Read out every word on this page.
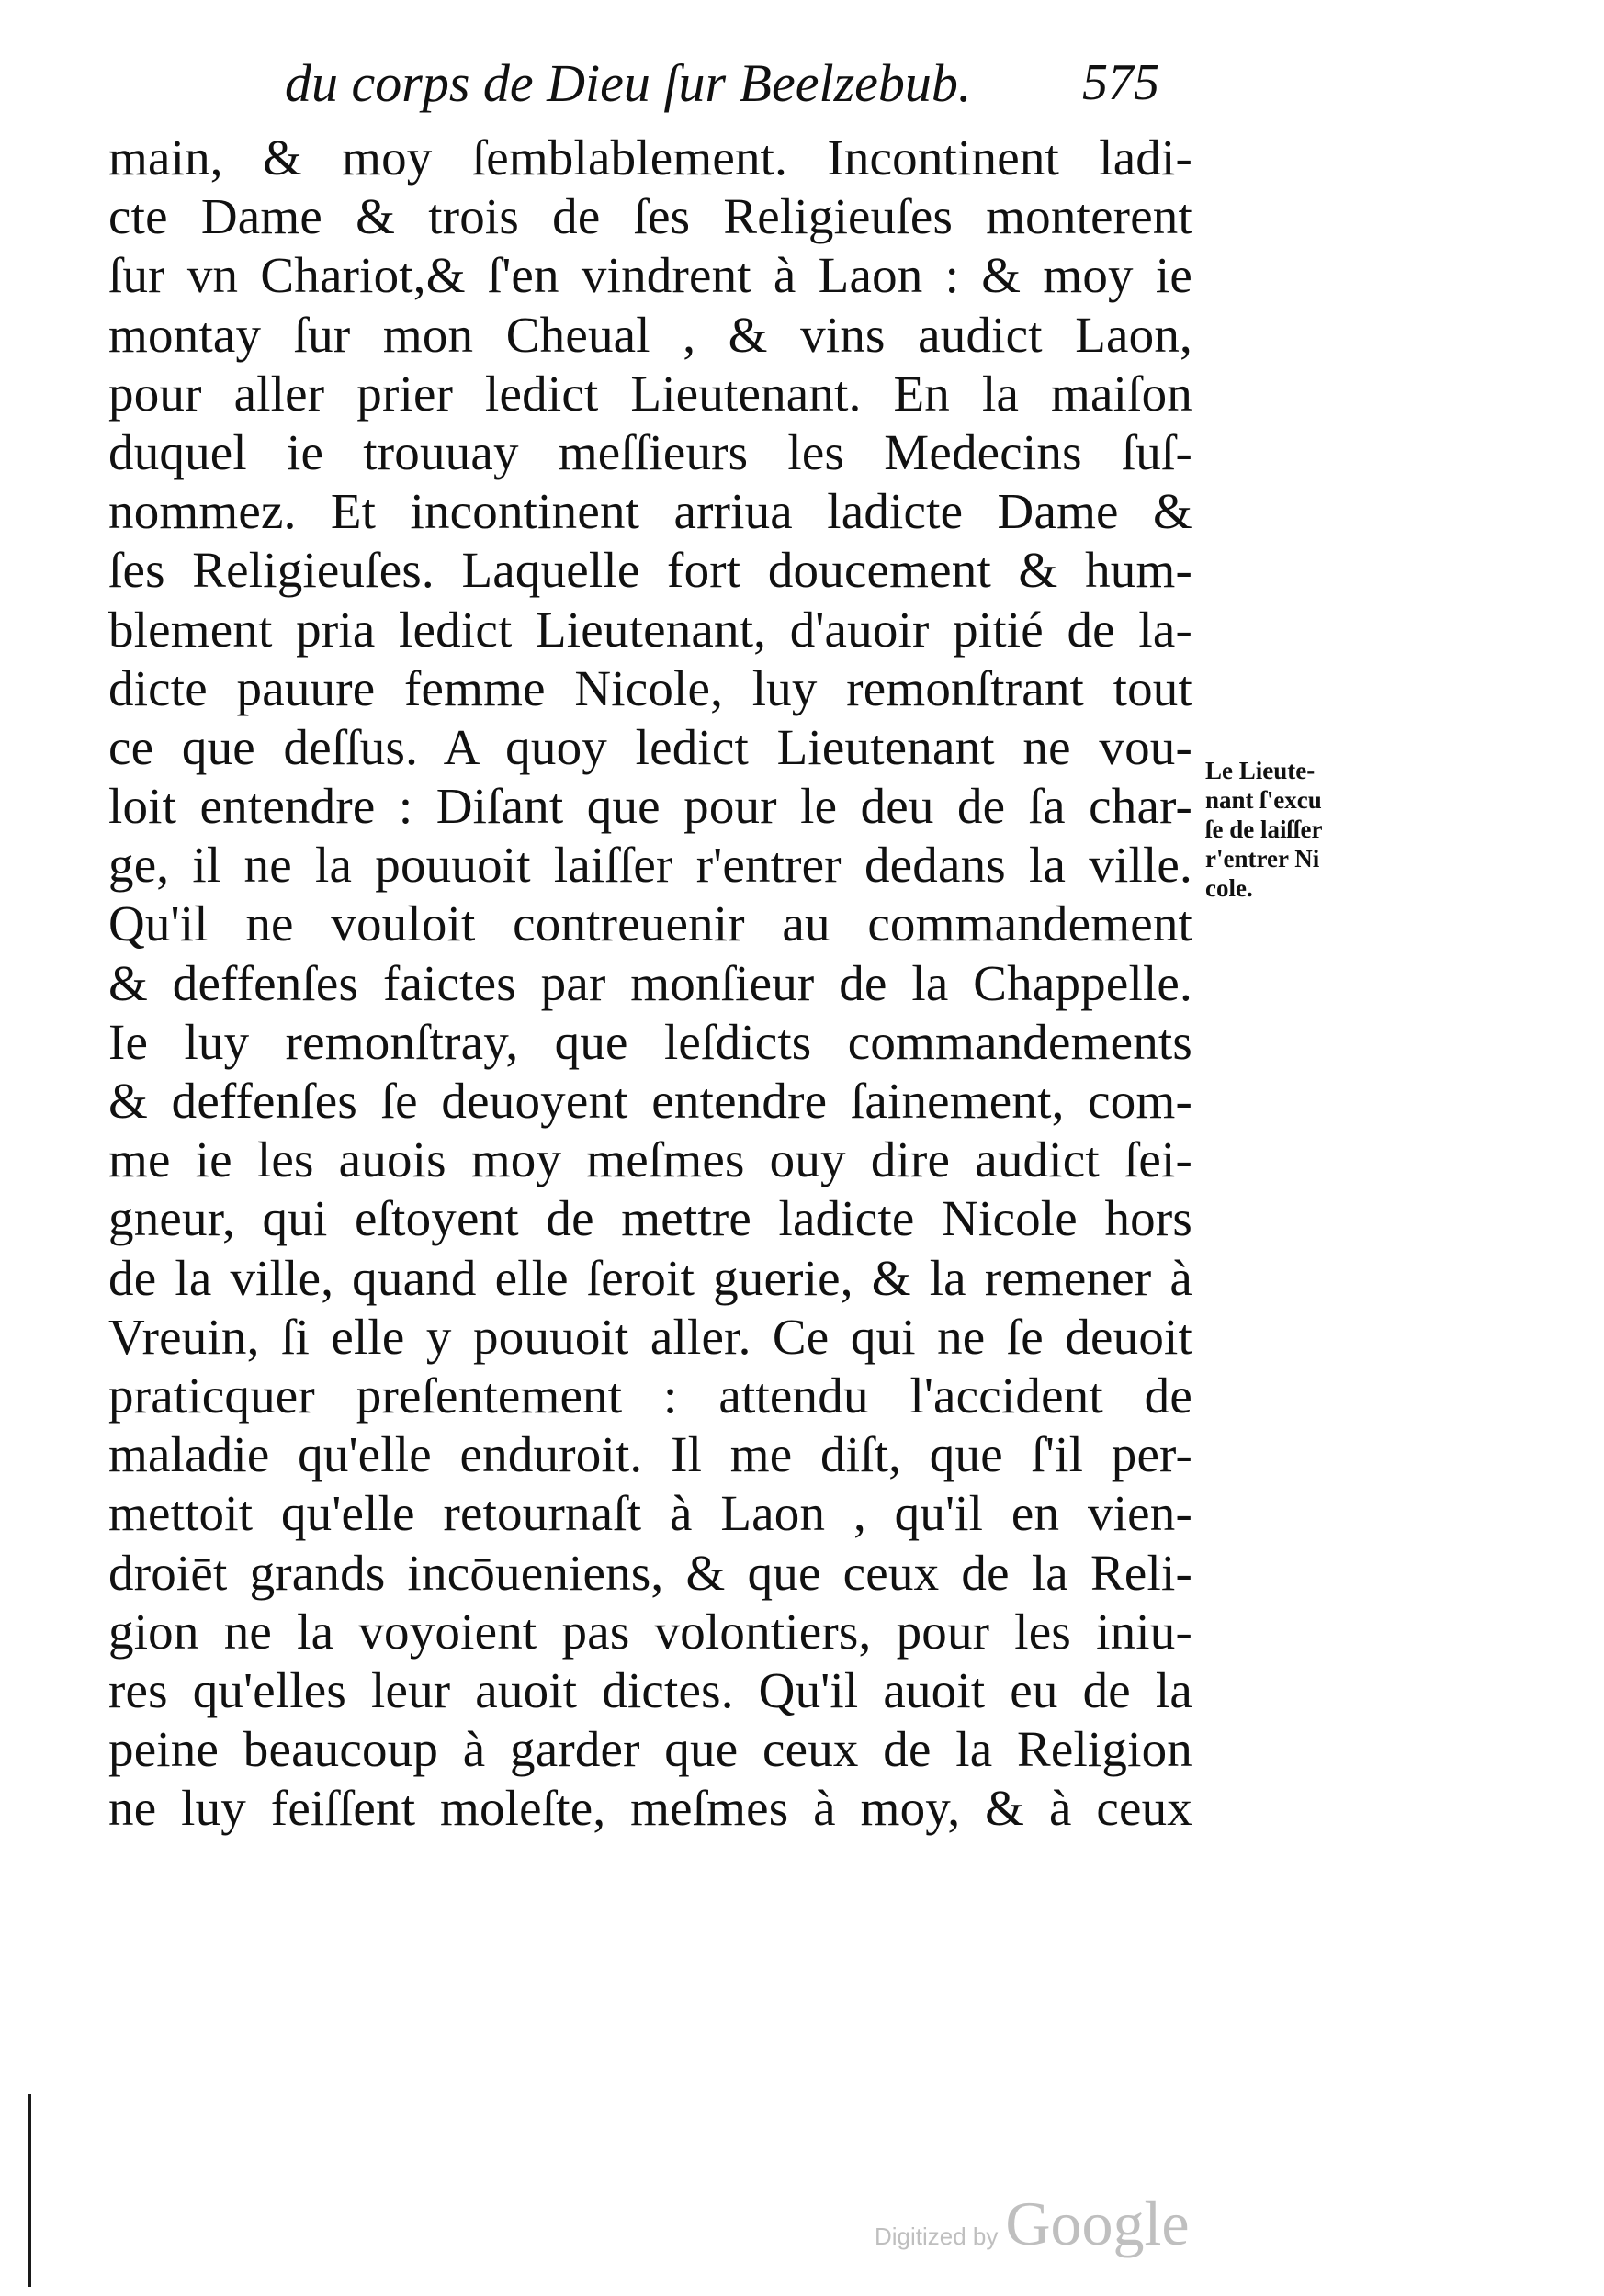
du corps de Dieu ſur Beelzebub. 575
main, & moy ſemblablement. Incontinent ladi-
cte Dame & trois de ſes Religieuſes monterent
ſur vn Chariot,& ſ'en vindrent à Laon : & moy ie
montay ſur mon Cheual , & vins audict Laon,
pour aller prier ledict Lieutenant. En la maiſon
duquel ie trouuay meſſieurs les Medecins ſuſ-
nommez. Et incontinent arriua ladicte Dame &
ſes Religieuſes. Laquelle fort doucement & hum-
blement pria ledict Lieutenant, d'auoir pitié de la-
dicte pauure femme Nicole, luy remonſtrant tout
ce que deſſus. A quoy ledict Lieutenant ne vou-
loit entendre : Diſant que pour le deu de ſa char-
ge, il ne la pouuoit laiſſer r'entrer dedans la ville.
Qu'il ne vouloit contreuenir au commandement
& deffenſes faictes par monſieur de la Chappelle.
Ie luy remonſtray, que leſdicts commandements
& deffenſes ſe deuoyent entendre ſainement, com-
me ie les auois moy meſmes ouy dire audict ſei-
gneur, qui eſtoyent de mettre ladicte Nicole hors
de la ville, quand elle ſeroit guerie, & la remener à
Vreuin, ſi elle y pouuoit aller. Ce qui ne ſe deuoit
praticquer preſentement : attendu l'accident de
maladie qu'elle enduroit. Il me diſt, que ſ'il per-
mettoit qu'elle retournaſt à Laon , qu'il en vien-
droiēt grands incōueniens, & que ceux de la Reli-
gion ne la voyoient pas volontiers, pour les iniu-
res qu'elles leur auoit dictes. Qu'il auoit eu de la
peine beaucoup à garder que ceux de la Religion
ne luy feiſſent moleſte, meſmes à moy, & à ceux
Le Lieute-
nant ſ'excu
ſe de laiſſer
r'entrer Ni
cole.
Digitized by Google
